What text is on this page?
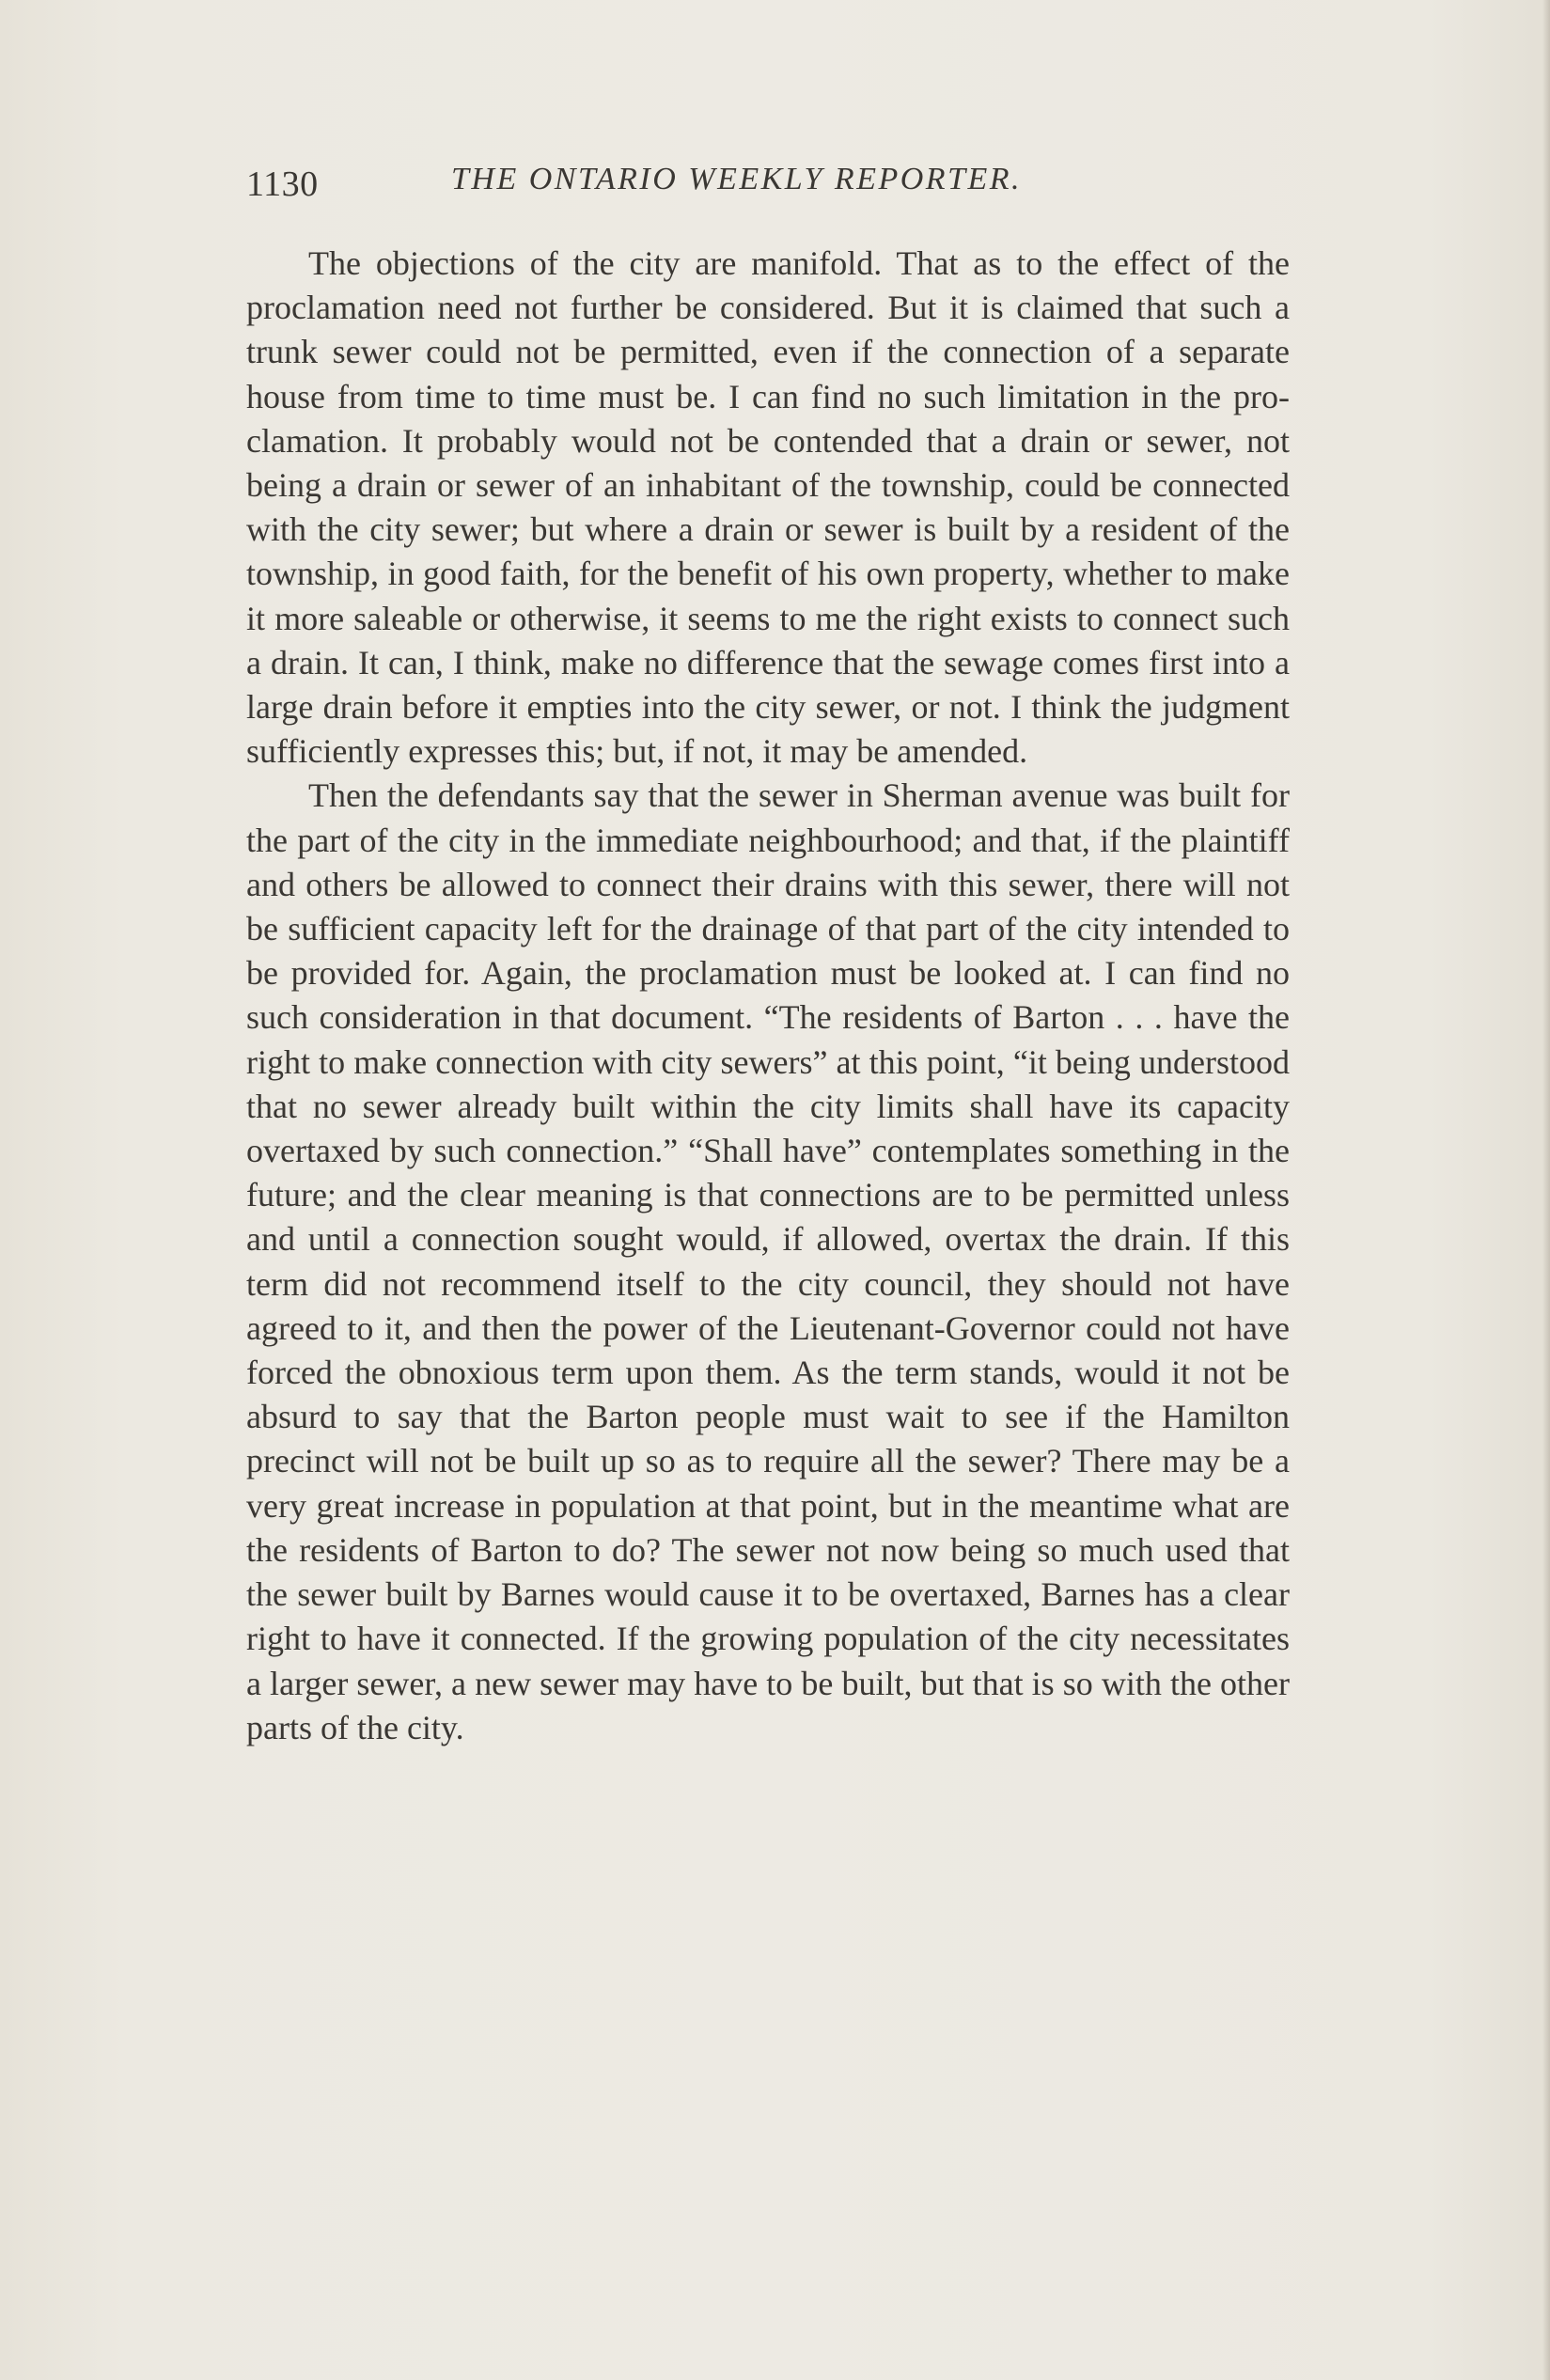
1130	THE ONTARIO WEEKLY REPORTER.

The objections of the city are manifold. That as to the effect of the proclamation need not further be considered. But it is claimed that such a trunk sewer could not be permitted, even if the connection of a separate house from time to time must be. I can find no such limitation in the proclamation. It probably would not be contended that a drain or sewer, not being a drain or sewer of an inhabitant of the township, could be connected with the city sewer; but where a drain or sewer is built by a resident of the township, in good faith, for the benefit of his own property, whether to make it more saleable or otherwise, it seems to me the right exists to connect such a drain. It can, I think, make no difference that the sewage comes first into a large drain before it empties into the city sewer, or not. I think the judgment sufficiently expresses this; but, if not, it may be amended.

Then the defendants say that the sewer in Sherman avenue was built for the part of the city in the immediate neighbourhood; and that, if the plaintiff and others be allowed to connect their drains with this sewer, there will not be sufficient capacity left for the drainage of that part of the city intended to be provided for. Again, the proclamation must be looked at. I can find no such consideration in that document. “The residents of Barton . . . have the right to make connection with city sewers” at this point, “it being understood that no sewer already built within the city limits shall have its capacity overtaxed by such connection.” “Shall have” contemplates something in the future; and the clear meaning is that connections are to be permitted unless and until a connection sought would, if allowed, overtax the drain. If this term did not recommend itself to the city council, they should not have agreed to it, and then the power of the Lieutenant-Governor could not have forced the obnoxious term upon them. As the term stands, would it not be absurd to say that the Barton people must wait to see if the Hamilton precinct will not be built up so as to require all the sewer? There may be a very great increase in population at that point, but in the meantime what are the residents of Barton to do? The sewer not now being so much used that the sewer built by Barnes would cause it to be overtaxed, Barnes has a clear right to have it connected. If the growing population of the city necessitates a larger sewer, a new sewer may have to be built, but that is so with the other parts of the city.
